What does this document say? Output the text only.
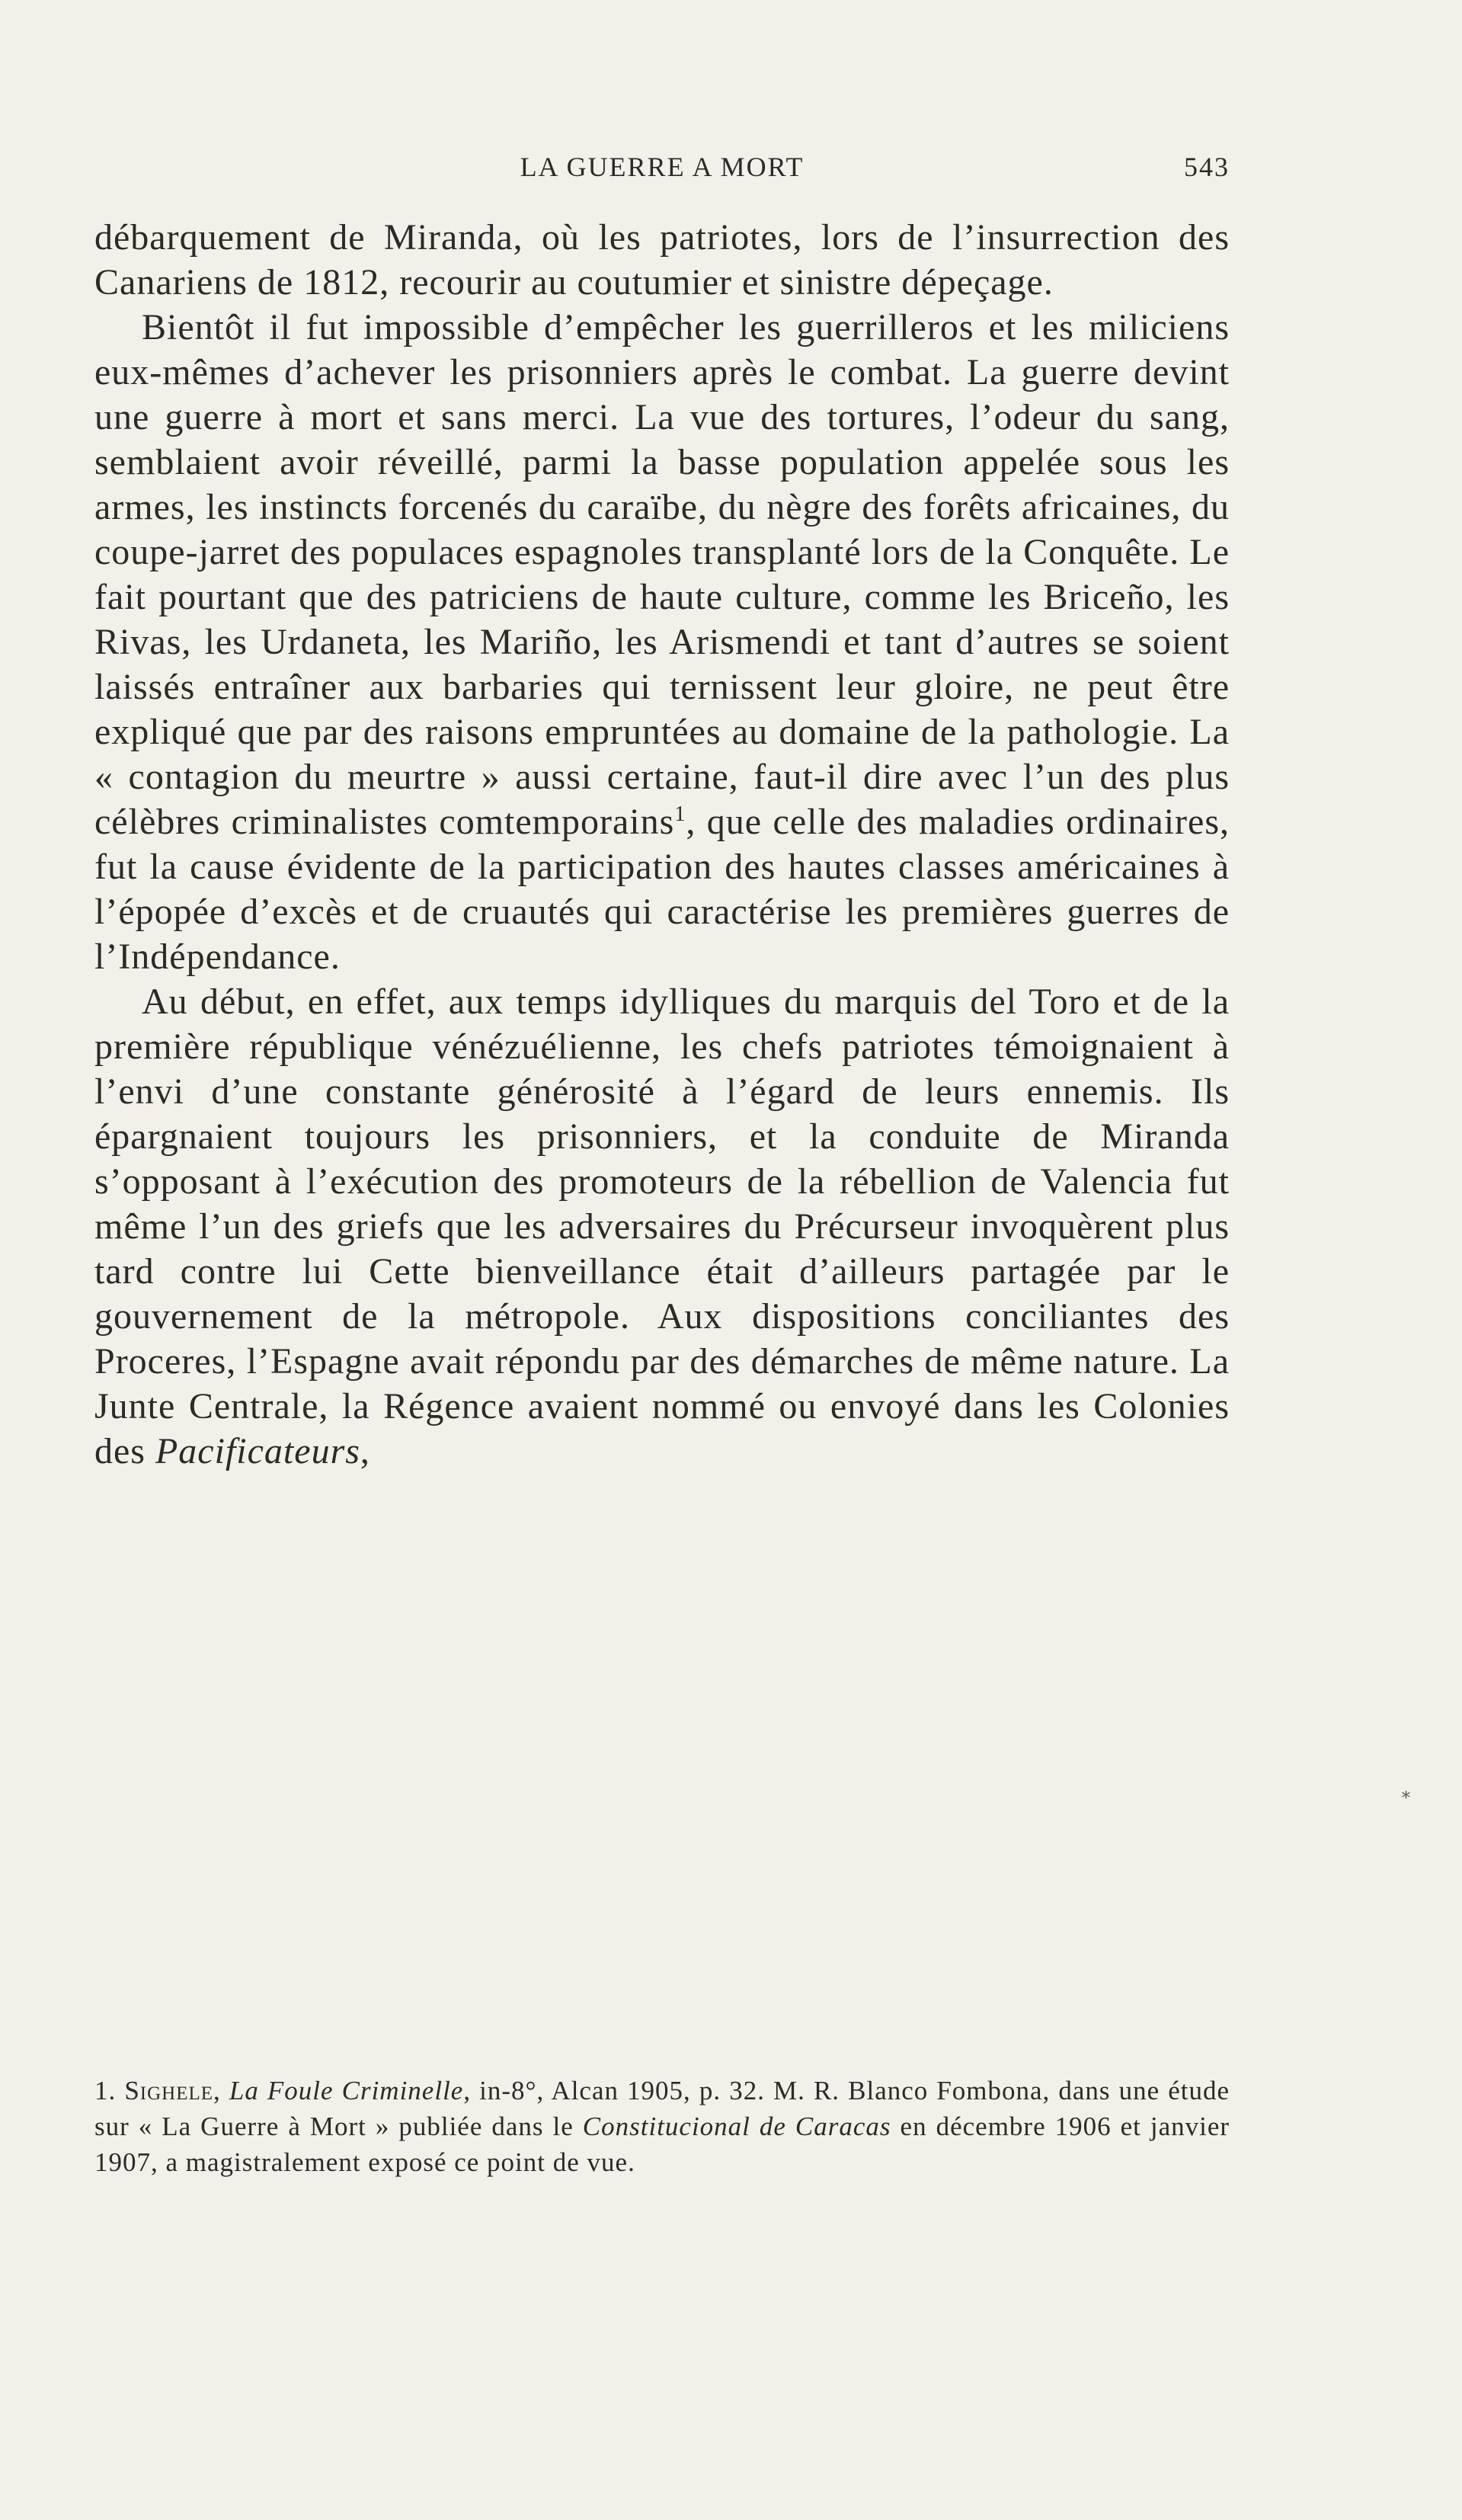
LA GUERRE A MORT	543

débarquement de Miranda, où les patriotes, lors de l’insurrection des Canariens de 1812, recourir au coutumier et sinistre dépeçage.

Bientôt il fut impossible d’empêcher les guerrilleros et les miliciens eux-mêmes d’achever les prisonniers après le combat. La guerre devint une guerre à mort et sans merci. La vue des tortures, l’odeur du sang, semblaient avoir réveillé, parmi la basse population appelée sous les armes, les instincts forcenés du caraïbe, du nègre des forêts africaines, du coupe-jarret des populaces espagnoles transplanté lors de la Conquête. Le fait pourtant que des patriciens de haute culture, comme les Briceño, les Rivas, les Urdaneta, les Mariño, les Arismendi et tant d’autres se soient laissés entraîner aux barbaries qui ternissent leur gloire, ne peut être expliqué que par des raisons empruntées au domaine de la pathologie. La « contagion du meurtre » aussi certaine, faut-il dire avec l’un des plus célèbres criminalistes comtemporains$^1$, que celle des maladies ordinaires, fut la cause évidente de la participation des hautes classes américaines à l’épopée d’excès et de cruautés qui caractérise les premières guerres de l’Indépendance.

Au début, en effet, aux temps idylliques du marquis del Toro et de la première république vénézuélienne, les chefs patriotes témoignaient à l’envi d’une constante générosité à l’égard de leurs ennemis. Ils épargnaient toujours les prisonniers, et la conduite de Miranda s’opposant à l’exécution des promoteurs de la rébellion de Valencia fut même l’un des griefs que les adversaires du Précurseur invoquèrent plus tard contre lui Cette bienveillance était d’ailleurs partagée par le gouvernement de la métropole. Aux dispositions conciliantes des Proceres, l’Espagne avait répondu par des démarches de même nature. La Junte Centrale, la Régence avaient nommé ou envoyé dans les Colonies des Pacificateurs,

*
1. Sighele, La Foule Criminelle, in-8°, Alcan 1905, p. 32. M. R. Blanco Fombona, dans une étude sur « La Guerre à Mort » publiée dans le Constitucional de Caracas en décembre 1906 et janvier 1907, a magistralement exposé ce point de vue.
